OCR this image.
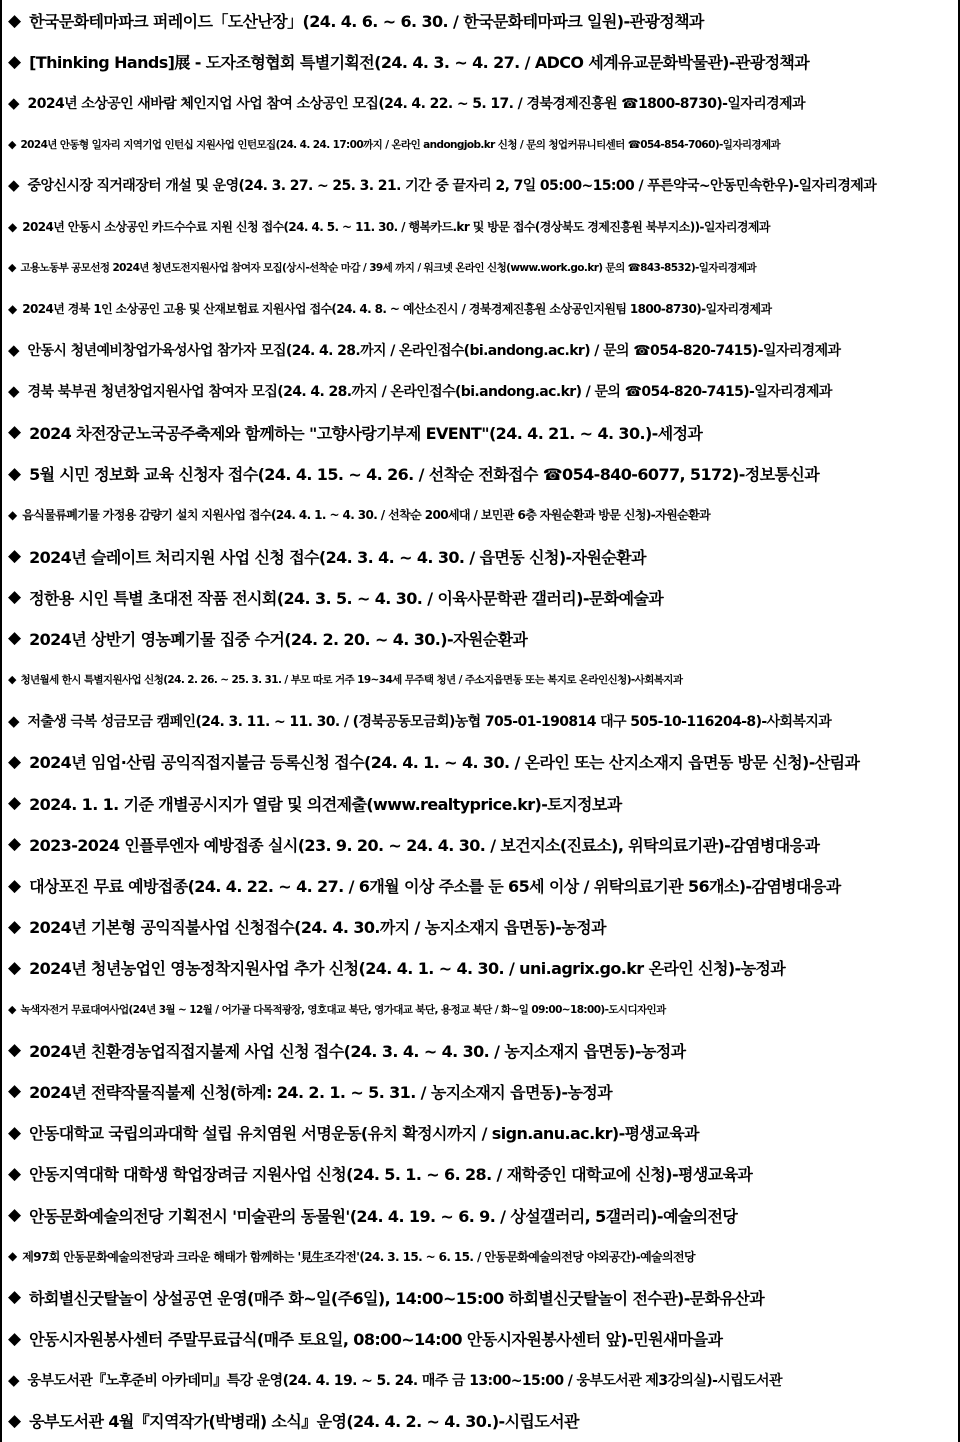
◆ 한국문화테마파크 퍼레이드「도산난장」(24. 4. 6. ~ 6. 30. / 한국문화테마파크 일원)-관광정책과
◆ [Thinking Hands]展 - 도자조형협회 특별기획전(24. 4. 3. ~ 4. 27. / ADCO 세계유교문화박물관)-관광정책과
◆ 2024년 소상공인 새바람 체인지업 사업 참여 소상공인 모집(24. 4. 22. ~ 5. 17. / 경북경제진흥원 ☎1800-8730)-일자리경제과
◆ 2024년 안동형 일자리 지역기업 인턴십 지원사업 인턴모집(24. 4. 24. 17:00까지 / 온라인 andongjob.kr 신청 / 문의 청업커뮤니티센터 ☎054-854-7060)-일자리경제과
◆ 중앙신시장 직거래장터 개설 및 운영(24. 3. 27. ~ 25. 3. 21. 기간 중 끝자리 2, 7일 05:00~15:00 / 푸른약국~안동민속한우)-일자리경제과
◆ 2024년 안동시 소상공인 카드수수료 지원 신청 접수(24. 4. 5. ~ 11. 30. / 행복카드.kr 및 방문 접수(경상북도 경제진흥원 북부지소))-일자리경제과
◆ 고용노동부 공모선정 2024년 청년도전지원사업 참여자 모집(상시-선착순 마감 / 39세 까지 / 워크넷 온라인 신청(www.work.go.kr) 문의 ☎843-8532)-일자리경제과
◆ 2024년 경북 1인 소상공인 고용 및 산재보험료 지원사업 접수(24. 4. 8. ~ 예산소진시 / 경북경제진흥원 소상공인지원팀 1800-8730)-일자리경제과
◆ 안동시 청년예비창업가육성사업 참가자 모집(24. 4. 28.까지 / 온라인접수(bi.andong.ac.kr) / 문의 ☎054-820-7415)-일자리경제과
◆ 경북 북부권 청년창업지원사업 참여자 모집(24. 4. 28.까지 / 온라인접수(bi.andong.ac.kr) / 문의 ☎054-820-7415)-일자리경제과
◆ 2024 차전장군노국공주축제와 함께하는 "고향사랑기부제 EVENT"(24. 4. 21. ~ 4. 30.)-세정과
◆ 5월 시민 정보화 교육 신청자 접수(24. 4. 15. ~ 4. 26. / 선착순 전화접수 ☎054-840-6077, 5172)-정보통신과
◆ 음식물류폐기물 가정용 감량기 설치 지원사업 접수(24. 4. 1. ~ 4. 30. / 선착순 200세대 / 보민관 6층 자원순환과 방문 신청)-자원순환과
◆ 2024년 슬레이트 처리지원 사업 신청 접수(24. 3. 4. ~ 4. 30. / 읍면동 신청)-자원순환과
◆ 정한용 시인 특별 초대전 작품 전시회(24. 3. 5. ~ 4. 30. / 이육사문학관 갤러리)-문화예술과
◆ 2024년 상반기 영농폐기물 집중 수거(24. 2. 20. ~ 4. 30.)-자원순환과
◆ 청년월세 한시 특별지원사업 신청(24. 2. 26. ~ 25. 3. 31. / 부모 따로 거주 19~34세 무주택 청년 / 주소지읍면동 또는 복지로 온라인신청)-사회복지과
◆ 저출생 극복 성금모금 캠페인(24. 3. 11. ~ 11. 30. / (경북공동모금회)농협 705-01-190814 대구 505-10-116204-8)-사회복지과
◆ 2024년 임업·산림 공익직접지불금 등록신청 접수(24. 4. 1. ~ 4. 30. / 온라인 또는 산지소재지 읍면동 방문 신청)-산림과
◆ 2024. 1. 1. 기준 개별공시지가 열람 및 의견제출(www.realtyprice.kr)-토지정보과
◆ 2023-2024 인플루엔자 예방접종 실시(23. 9. 20. ~ 24. 4. 30. / 보건지소(진료소), 위탁의료기관)-감염병대응과
◆ 대상포진 무료 예방접종(24. 4. 22. ~ 4. 27. / 6개월 이상 주소를 둔 65세 이상 / 위탁의료기관 56개소)-감염병대응과
◆ 2024년 기본형 공익직불사업 신청접수(24. 4. 30.까지 / 농지소재지 읍면동)-농정과
◆ 2024년 청년농업인 영농정착지원사업 추가 신청(24. 4. 1. ~ 4. 30. / uni.agrix.go.kr 온라인 신청)-농정과
◆ 녹색자전거 무료대여사업(24년 3월 ~ 12월 / 어가골 다목적광장, 영호대교 북단, 영가대교 북단, 용정교 북단 / 화~일 09:00~18:00)-도시디자인과
◆ 2024년 친환경농업직접지불제 사업 신청 접수(24. 3. 4. ~ 4. 30. / 농지소재지 읍면동)-농정과
◆ 2024년 전략작물직불제 신청(하계: 24. 2. 1. ~ 5. 31. / 농지소재지 읍면동)-농정과
◆ 안동대학교 국립의과대학 설립 유치염원 서명운동(유치 확정시까지 / sign.anu.ac.kr)-평생교육과
◆ 안동지역대학 대학생 학업장려금 지원사업 신청(24. 5. 1. ~ 6. 28. / 재학중인 대학교에 신청)-평생교육과
◆ 안동문화예술의전당 기획전시 '미술관의 동물원'(24. 4. 19. ~ 6. 9. / 상설갤러리, 5갤러리)-예술의전당
◆ 제97회 안동문화예술의전당과 크라운 해태가 함께하는 '見生조각전'(24. 3. 15. ~ 6. 15. / 안동문화예술의전당 야외공간)-예술의전당
◆ 하회별신굿탈놀이 상설공연 운영(매주 화~일(주6일), 14:00~15:00 하회별신굿탈놀이 전수관)-문화유산과
◆ 안동시자원봉사센터 주말무료급식(매주 토요일, 08:00~14:00 안동시자원봉사센터 앞)-민원새마을과
◆ 웅부도서관『노후준비 아카데미』특강 운영(24. 4. 19. ~ 5. 24. 매주 금 13:00~15:00 / 웅부도서관 제3강의실)-시립도서관
◆ 웅부도서관 4월『지역작가(박병래) 소식』운영(24. 4. 2. ~ 4. 30.)-시립도서관
